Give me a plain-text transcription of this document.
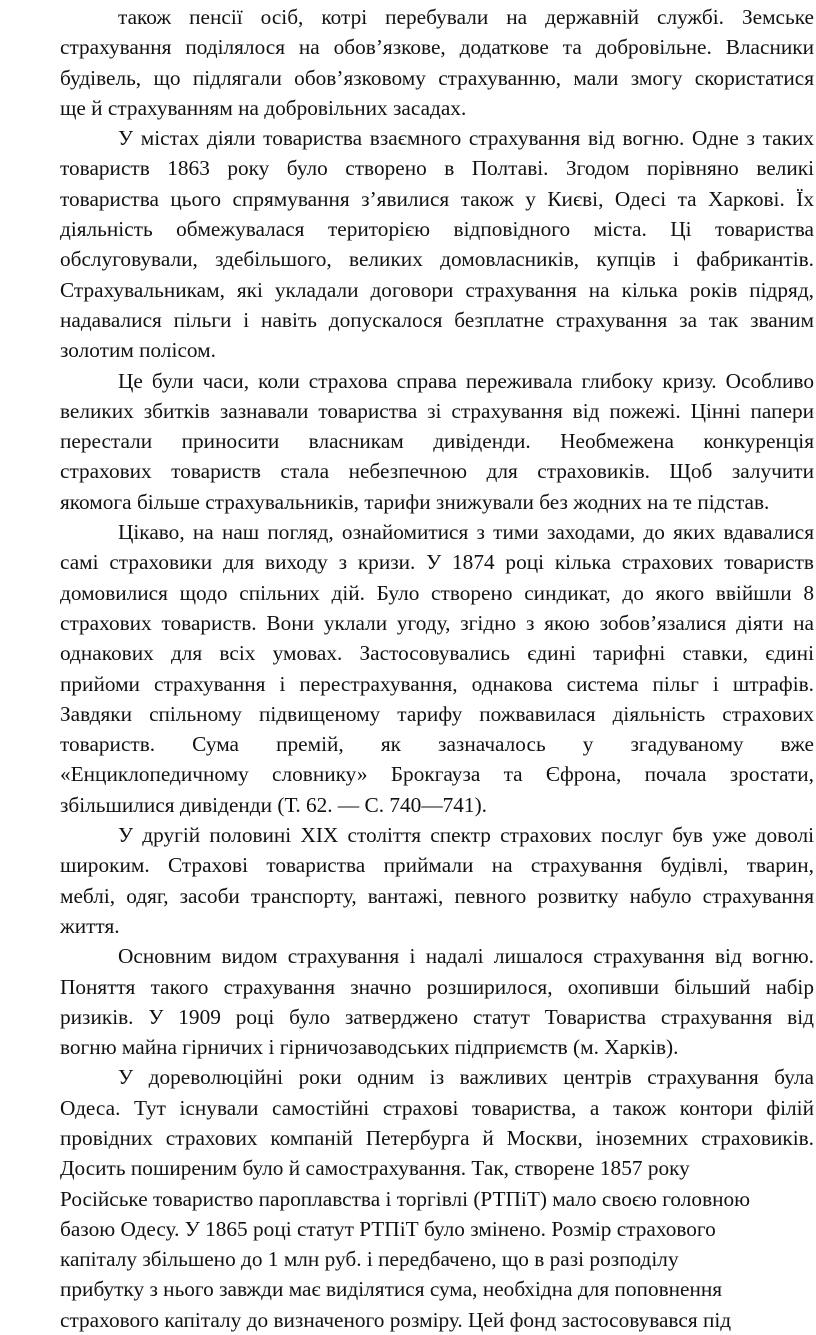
також пенсії осіб, котрі перебували на державній службі. Земське
страхування поділялося на обов’язкове, додаткове та добровільне. Власники
будівель, що підлягали обов’язковому страхуванню, мали змогу скористатися
ще й страхуванням на добровільних засадах.
У містах діяли товариства взаємного страхування від вогню. Одне з таких
товариств 1863 року було створено в Полтаві. Згодом порівняно великі
товариства цього спрямування з’явилися також у Києві, Одесі та Харкові. Їх
діяльність обмежувалася територією відповідного міста. Ці товариства
обслуговували, здебільшого, великих домовласників, купців і фабрикантів.
Страхувальникам, які укладали договори страхування на кілька років підряд,
надавалися пільги і навіть допускалося безплатне страхування за так званим
золотим полісом.
Це були часи, коли страхова справа переживала глибоку кризу. Особливо
великих збитків зазнавали товариства зі страхування від пожежі. Цінні папери
перестали приносити власникам дивіденди. Необмежена конкуренція
страхових товариств стала небезпечною для страховиків. Щоб залучити
якомога більше страхувальників, тарифи знижували без жодних на те підстав.
Цікаво, на наш погляд, ознайомитися з тими заходами, до яких вдавалися
самі страховики для виходу з кризи. У 1874 році кілька страхових товариств
домовилися щодо спільних дій. Було створено синдикат, до якого ввійшли 8
страхових товариств. Вони уклали угоду, згідно з якою зобов’язалися діяти на
однакових для всіх умовах. Застосовувались єдині тарифні ставки, єдині
прийоми страхування і перестрахування, однакова система пільг і штрафів.
Завдяки спільному підвищеному тарифу пожвавилася діяльність страхових
товариств. Сума премій, як зазначалось у згадуваному вже
«Енциклопедичному словнику» Брокгауза та Єфрона, почала зростати,
збільшилися дивіденди (Т. 62. — С. 740—741).
У другій половині XIX століття спектр страхових послуг був уже доволі
широким. Страхові товариства приймали на страхування будівлі, тварин,
меблі, одяг, засоби транспорту, вантажі, певного розвитку набуло страхування
життя.
Основним видом страхування і надалі лишалося страхування від вогню.
Поняття такого страхування значно розширилося, охопивши більший набір
ризиків. У 1909 році було затверджено статут Товариства страхування від
вогню майна гірничих і гірничозаводських підприємств (м. Харків).
У дореволюційні роки одним із важливих центрів страхування була
Одеса. Тут існували самостійні страхові товариства, а також контори філій
провідних страхових компаній Петербурга й Москви, іноземних страховиків.
Досить поширеним було й самострахування. Так, створене 1857 року
Російське товариство пароплавства і торгівлі (РТПіТ) мало своєю головною
базою Одесу. У 1865 році статут РТПіТ було змінено. Розмір страхового
капіталу збільшено до 1 млн руб. і передбачено, що в разі розподілу
прибутку з нього завжди має виділятися сума, необхідна для поповнення
страхового капіталу до визначеного розміру. Цей фонд застосовувався під
